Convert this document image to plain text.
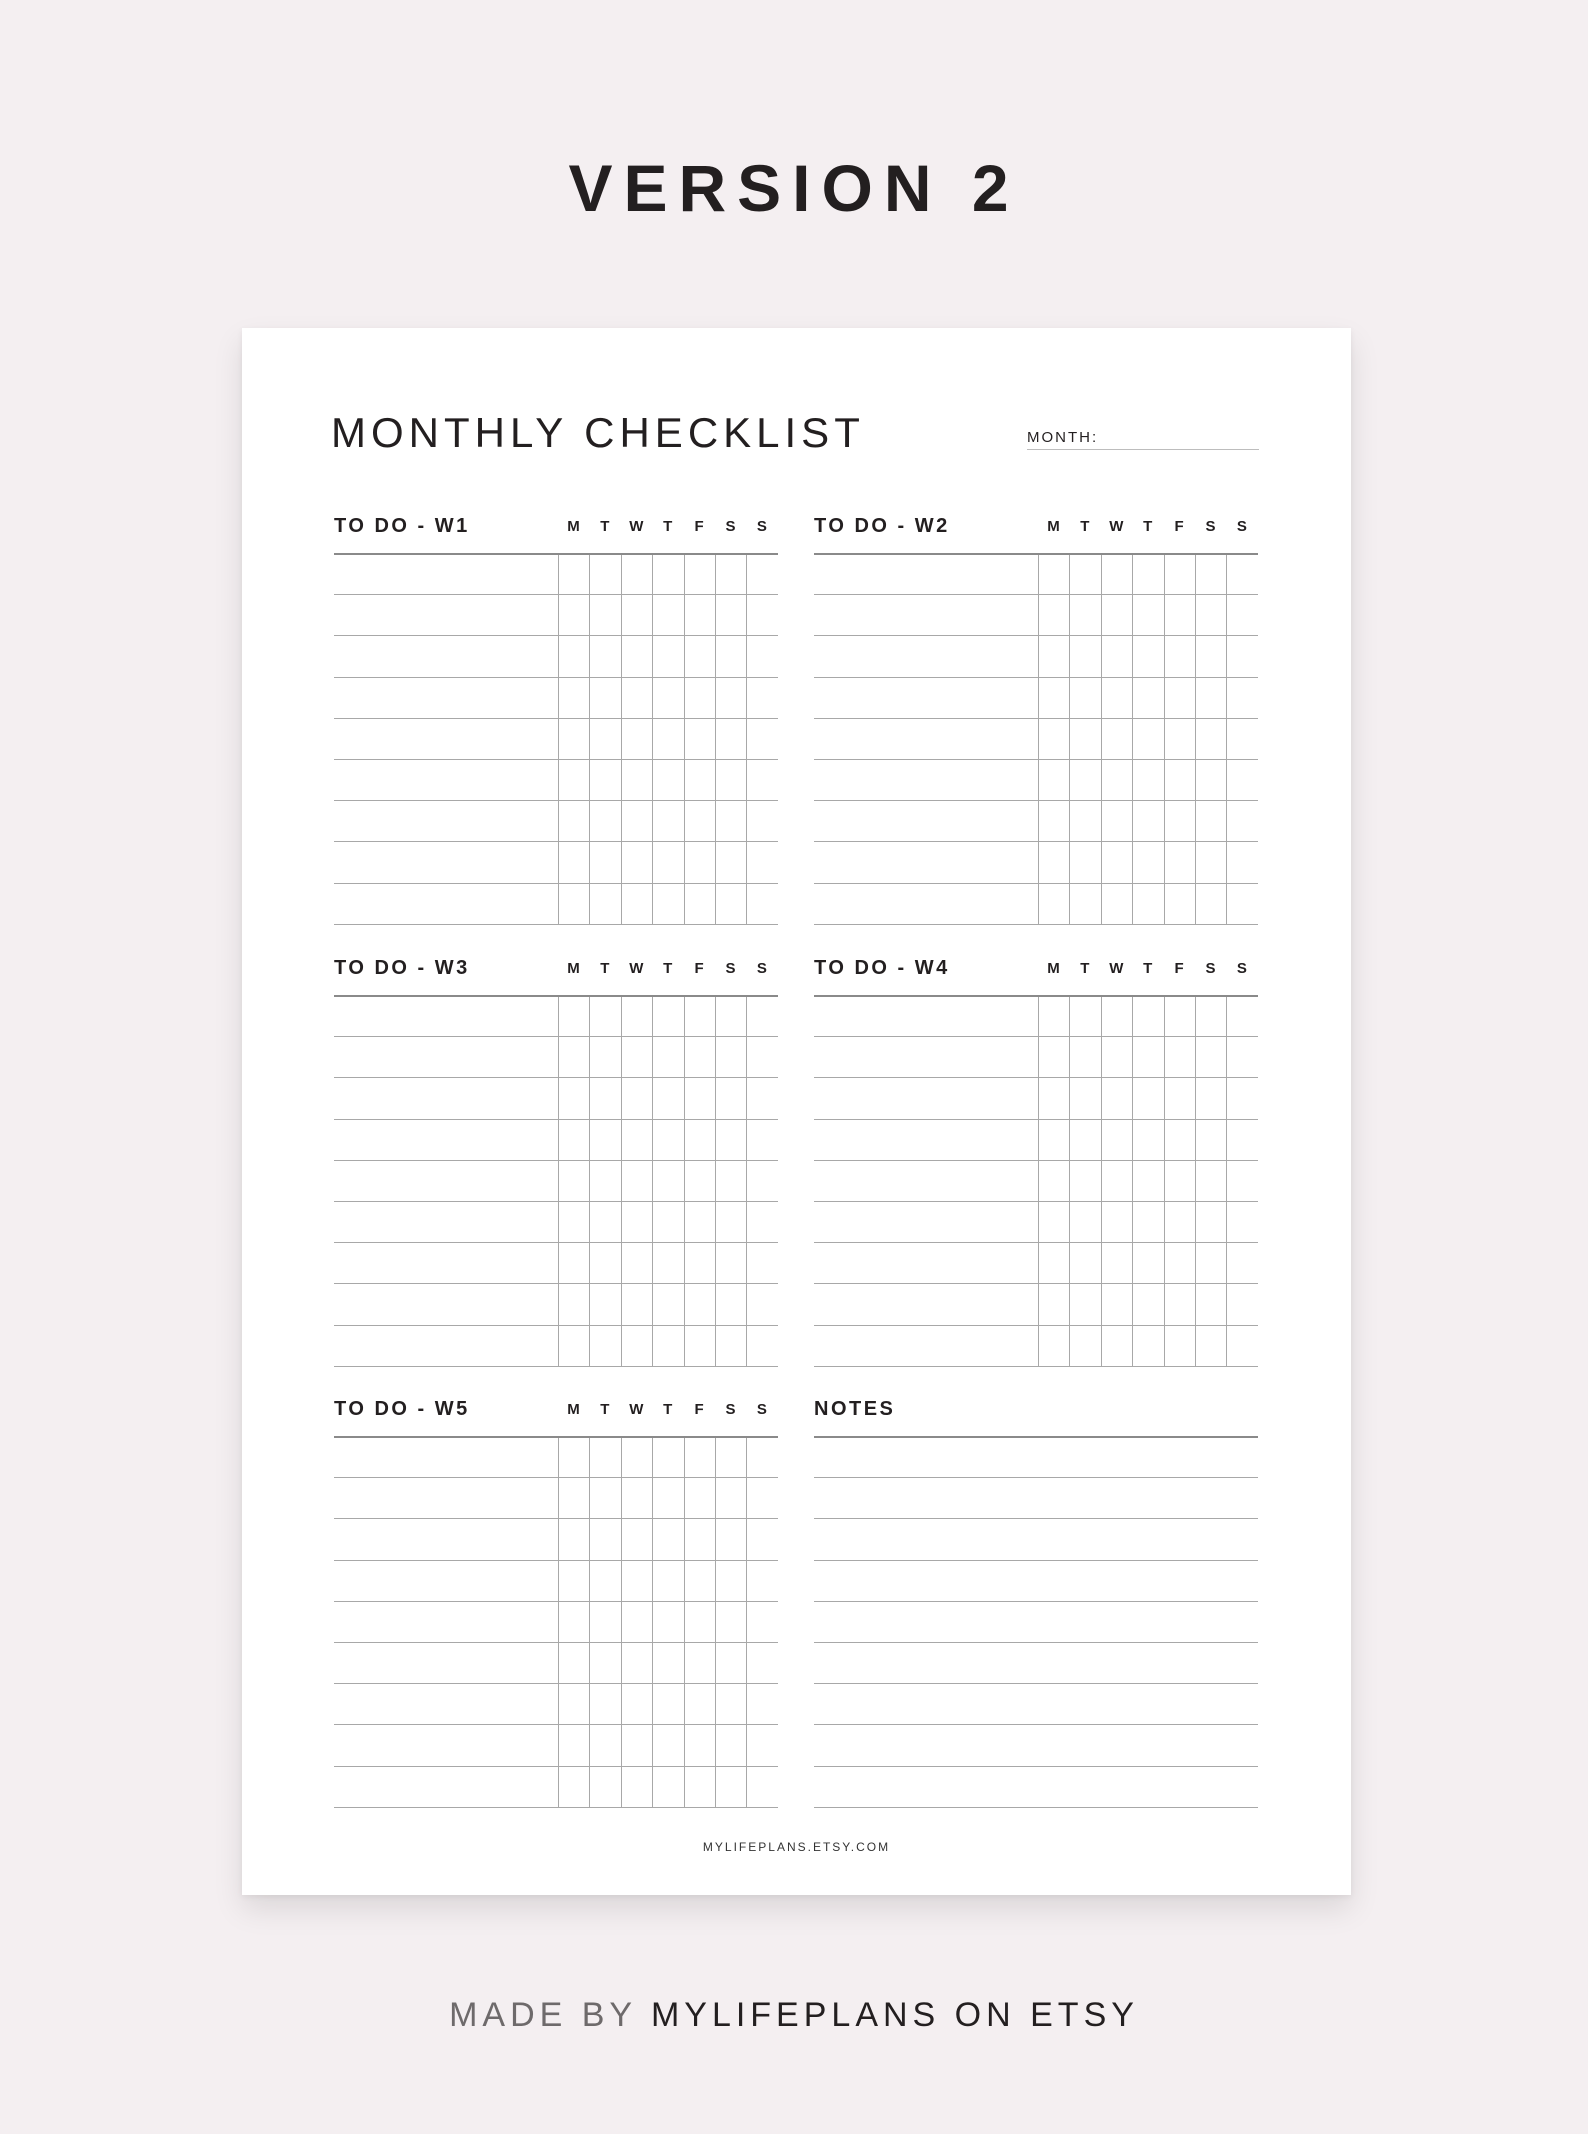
VERSION 2
MONTHLY CHECKLIST	MONTH:
TO DO - W1	M	T	W	T	F	S	S	TO DO - W2	M	T	W	T	F	S	S
TO DO - W3	M	T	W	T	F	S	S	TO DO - W4	M	T	W	T	F	S	S
TO DO - W5	M	T	W	T	F	S	S	NOTES
MYLIFEPLANS.ETSY.COM
MADE BY MYLIFEPLANS ON ETSY
